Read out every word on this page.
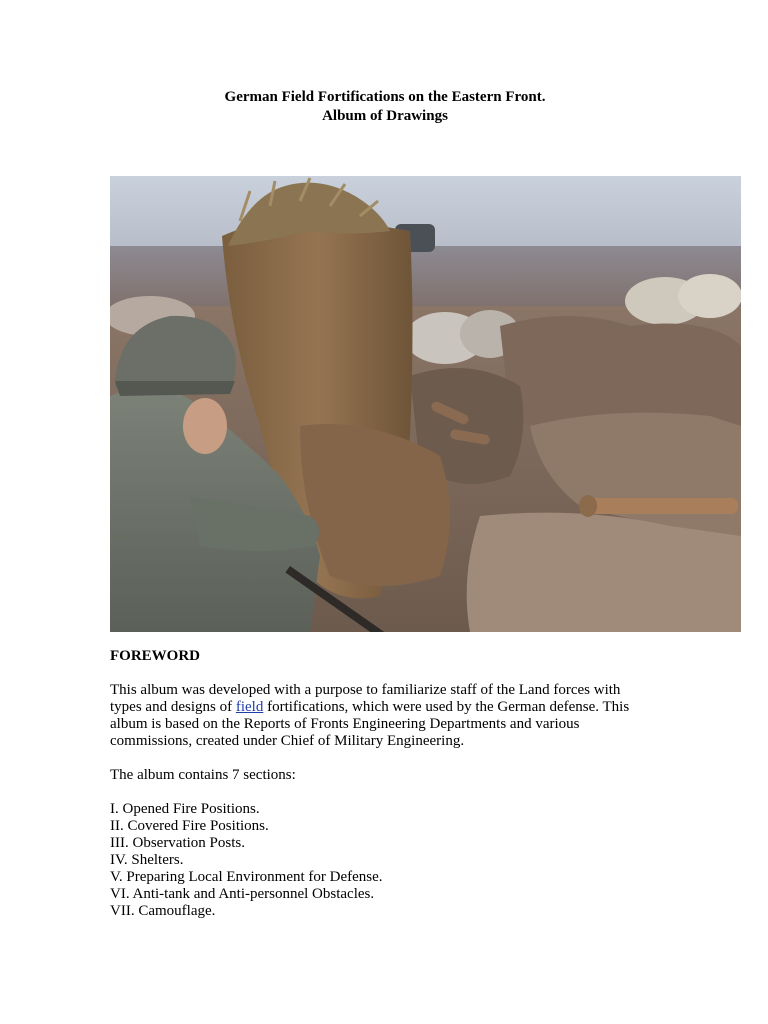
German Field Fortifications on the Eastern Front.
Album of Drawings
FOREWORD
This album was developed with a purpose to familiarize staff of the Land forces with
types and designs of field fortifications, which were used by the German defense. This
album is based on the Reports of Fronts Engineering Departments and various
commissions, created under Chief of Military Engineering.
The album contains 7 sections:
I. Opened Fire Positions.
II. Covered Fire Positions.
III. Observation Posts.
IV. Shelters.
V. Preparing Local Environment for Defense.
VI. Anti-tank and Anti-personnel Obstacles.
VII. Camouflage.
